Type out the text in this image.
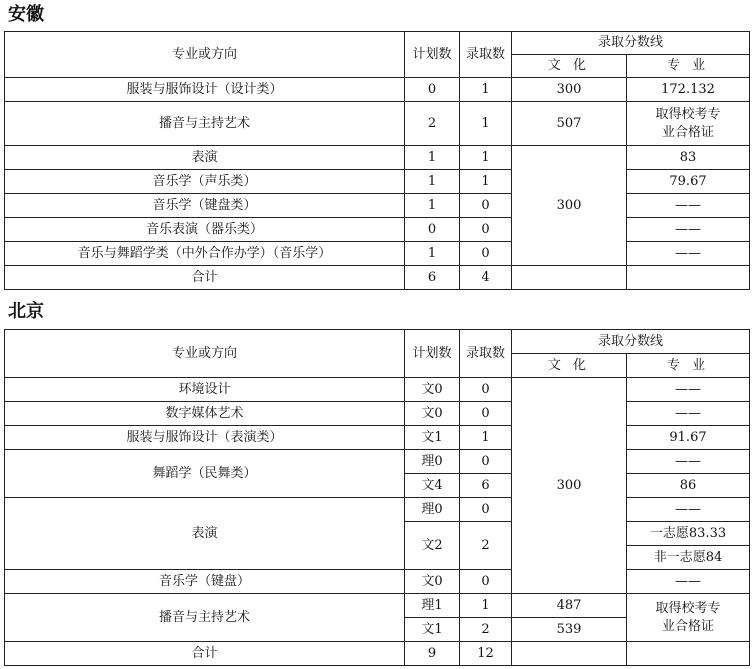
安徽
专业或方向	计划数	录取数	录取分数线	
			文 化	专 业
服装与服饰设计（设计类）	0	1	300	172.132
播音与主持艺术	2	1	507	取得校考专业合格证
表演	1	1	300	83
音乐学（声乐类）	1	1		79.67
音乐学（键盘类）	1	0		——
音乐表演（器乐类）	0	0		——
音乐与舞蹈学类（中外合作办学）（音乐学）	1	0		——
合计	6	4		
北京
专业或方向	计划数	录取数	录取分数线	
			文 化	专 业
环境设计	文0	0	300	——
数字媒体艺术	文0	0		——
服装与服饰设计（表演类）	文1	1		91.67
舞蹈学（民舞类）	理0	0		——
	文4	6		86
表演	理0	0		——
	文2	2		一志愿83.33
				非一志愿84
音乐学（键盘）	文0	0		——
播音与主持艺术	理1	1	487	取得校考专业合格证
	文1	2	539	
合计	9	12		
